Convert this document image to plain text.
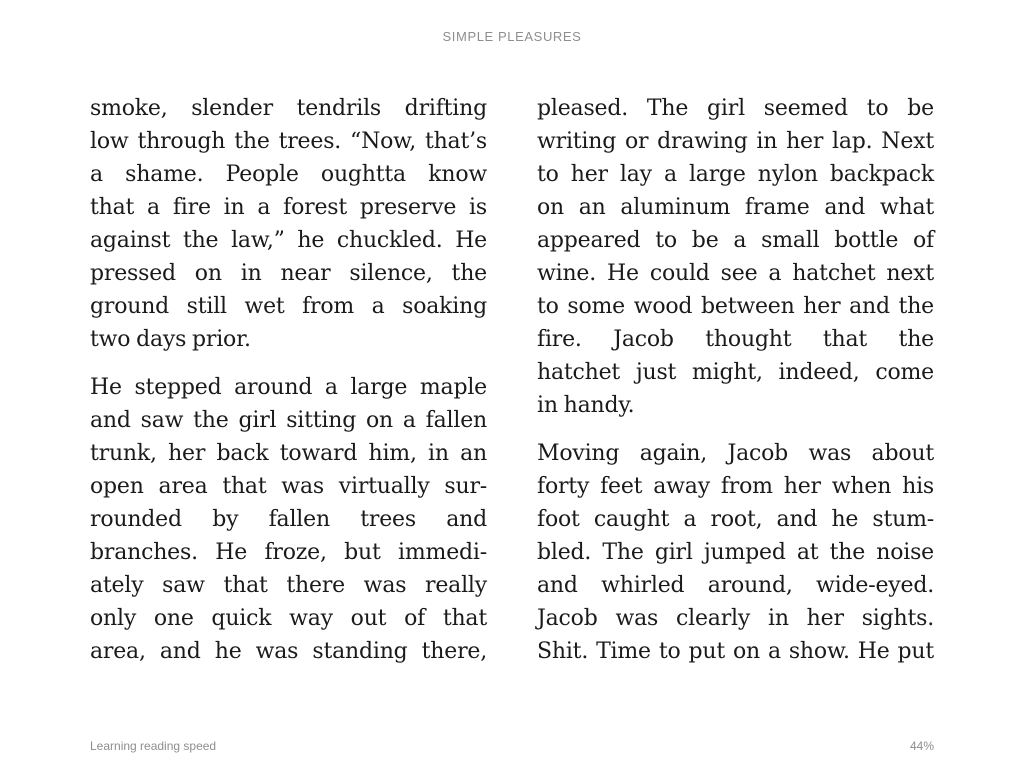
SIMPLE PLEASURES
smoke, slender tendrils drifting
low through the trees. “Now, that’s
a shame. People oughtta know
that a fire in a forest preserve is
against the law,” he chuckled. He
pressed on in near silence, the
ground still wet from a soaking
two days prior.
He stepped around a large maple
and saw the girl sitting on a fallen
trunk, her back toward him, in an
open area that was virtually sur-
rounded by fallen trees and
branches. He froze, but immedi-
ately saw that there was really
only one quick way out of that
area, and he was standing there,
pleased. The girl seemed to be
writing or drawing in her lap. Next
to her lay a large nylon backpack
on an aluminum frame and what
appeared to be a small bottle of
wine. He could see a hatchet next
to some wood between her and the
fire. Jacob thought that the
hatchet just might, indeed, come
in handy.
Moving again, Jacob was about
forty feet away from her when his
foot caught a root, and he stum-
bled. The girl jumped at the noise
and whirled around, wide-eyed.
Jacob was clearly in her sights.
Shit. Time to put on a show. He put
Learning reading speed	44%
